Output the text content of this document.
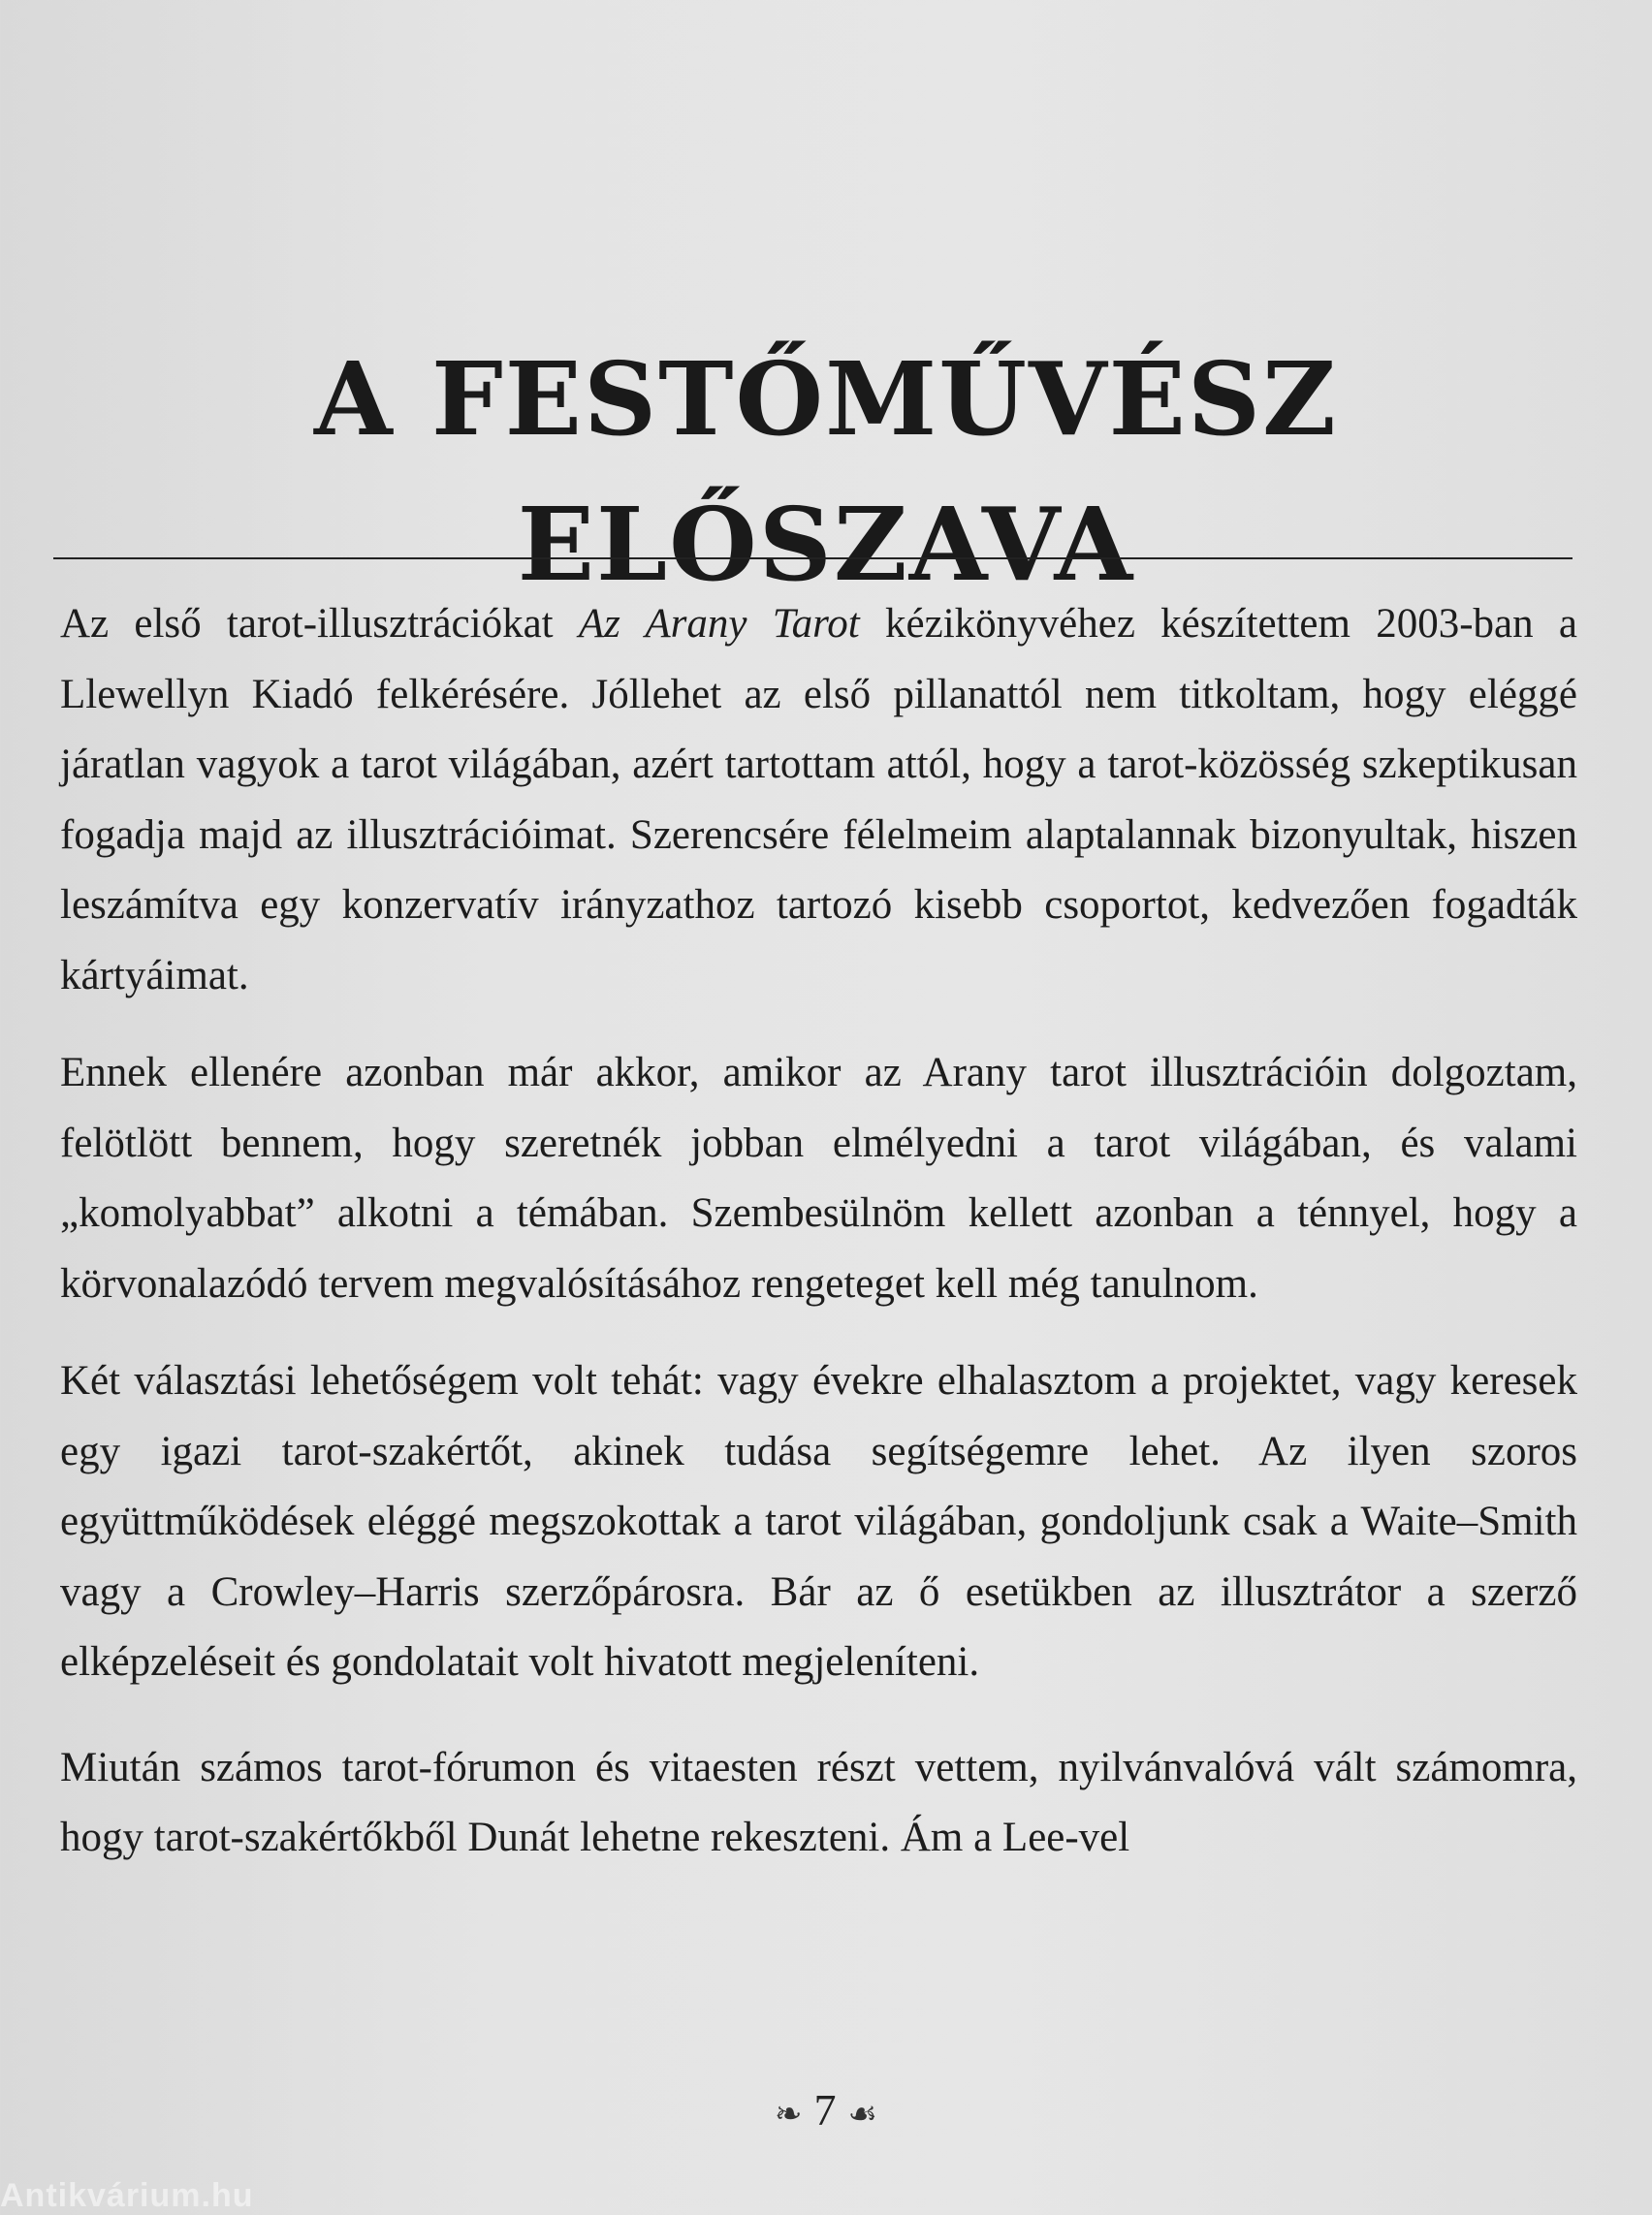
A FESTŐMŰVÉSZ
ELŐSZAVA

Az első tarot-illusztrációkat Az Arany Tarot kézikönyvéhez készítettem 2003-ban a Llewellyn Kiadó felkérésére. Jóllehet az első pillanattól nem titkoltam, hogy eléggé járatlan vagyok a tarot világában, azért tartottam attól, hogy a tarot-közösség szkeptikusan fogadja majd az illusztrációimat. Szerencsére félelmeim alaptalannak bizonyultak, hiszen leszámítva egy konzervatív irányzathoz tartozó kisebb csoportot, kedvezően fogadták kártyáimat.

Ennek ellenére azonban már akkor, amikor az Arany tarot illusztrációin dolgoztam, felötlött bennem, hogy szeretnék jobban elmélyedni a tarot világában, és valami „komolyabbat” alkotni a témában. Szembesülnöm kellett azonban a ténnyel, hogy a körvonalazódó tervem megvalósításához rengeteget kell még tanulnom.

Két választási lehetőségem volt tehát: vagy évekre elhalasztom a projektet, vagy keresek egy igazi tarot-szakértőt, akinek tudása segítségemre lehet. Az ilyen szoros együttműködések eléggé megszokottak a tarot világában, gondoljunk csak a Waite–Smith vagy a Crowley–Harris szerzőpárosra. Bár az ő esetükben az illusztrátor a szerző elképzeléseit és gondolatait volt hivatott megjeleníteni.

Miután számos tarot-fórumon és vitaesten részt vettem, nyilvánvalóvá vált számomra, hogy tarot-szakértőkből Dunát lehetne rekeszteni. Ám a Lee-vel

❧ 7 ☙
Antikvárium.hu
